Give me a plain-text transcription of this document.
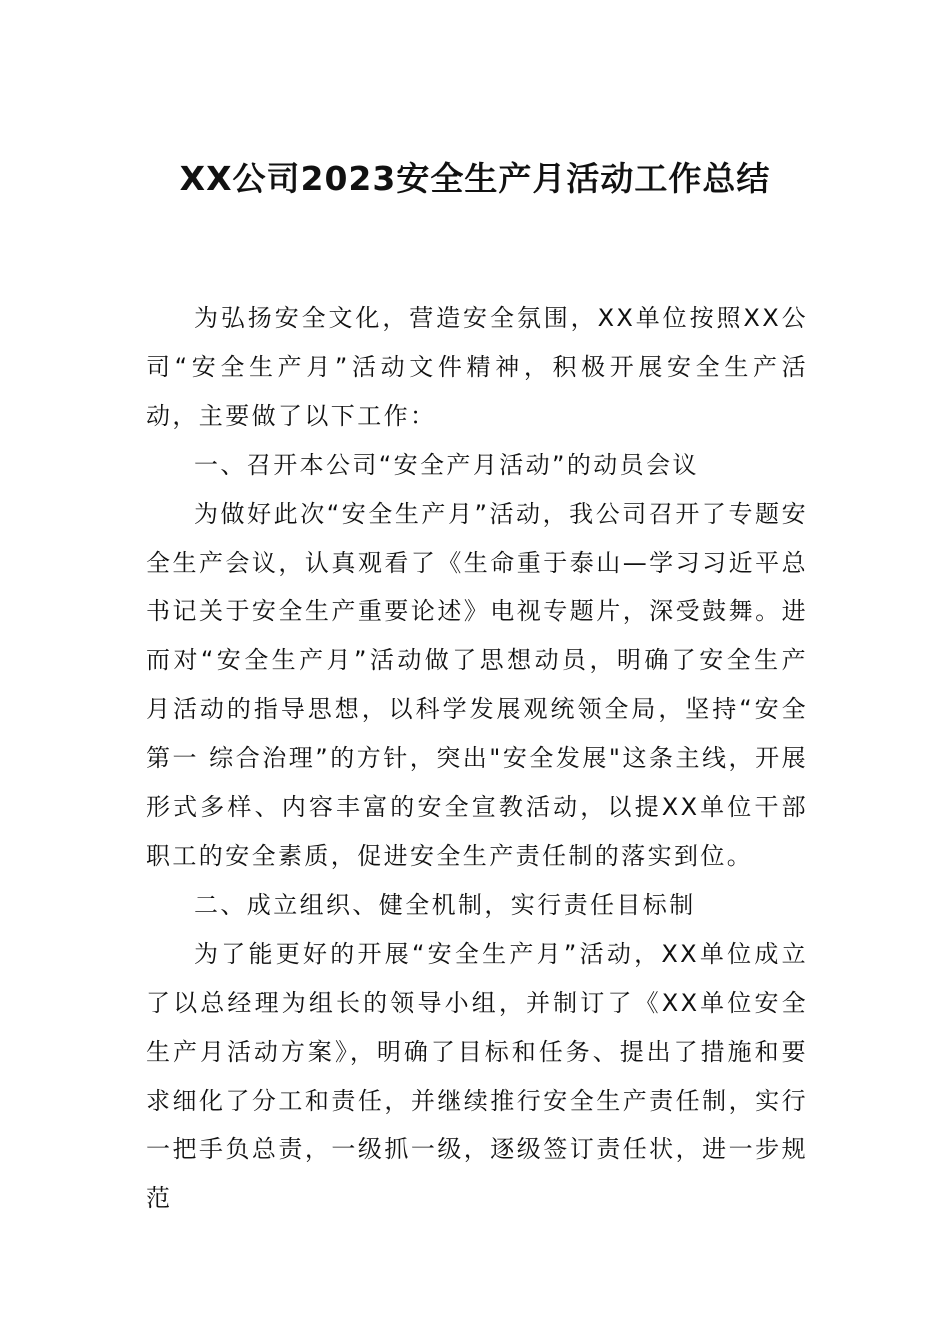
XX公司2023安全生产月活动工作总结

为弘扬安全文化，营造安全氛围，XX单位按照XX公司“安全生产月”活动文件精神，积极开展安全生产活动，主要做了以下工作：

一、召开本公司“安全产月活动”的动员会议

为做好此次“安全生产月”活动，我公司召开了专题安全生产会议，认真观看了《生命重于泰山—学习习近平总书记关于安全生产重要论述》电视专题片，深受鼓舞。进而对“安全生产月”活动做了思想动员，明确了安全生产月活动的指导思想，以科学发展观统领全局，坚持“安全第一 综合治理”的方针，突出"安全发展"这条主线，开展形式多样、内容丰富的安全宣教活动，以提XX单位干部职工的安全素质，促进安全生产责任制的落实到位。

二、成立组织、健全机制，实行责任目标制

为了能更好的开展“安全生产月”活动，XX单位成立了以总经理为组长的领导小组，并制订了《XX单位安全生产月活动方案》，明确了目标和任务、提出了措施和要求细化了分工和责任，并继续推行安全生产责任制，实行一把手负总责，一级抓一级，逐级签订责任状，进一步规范
